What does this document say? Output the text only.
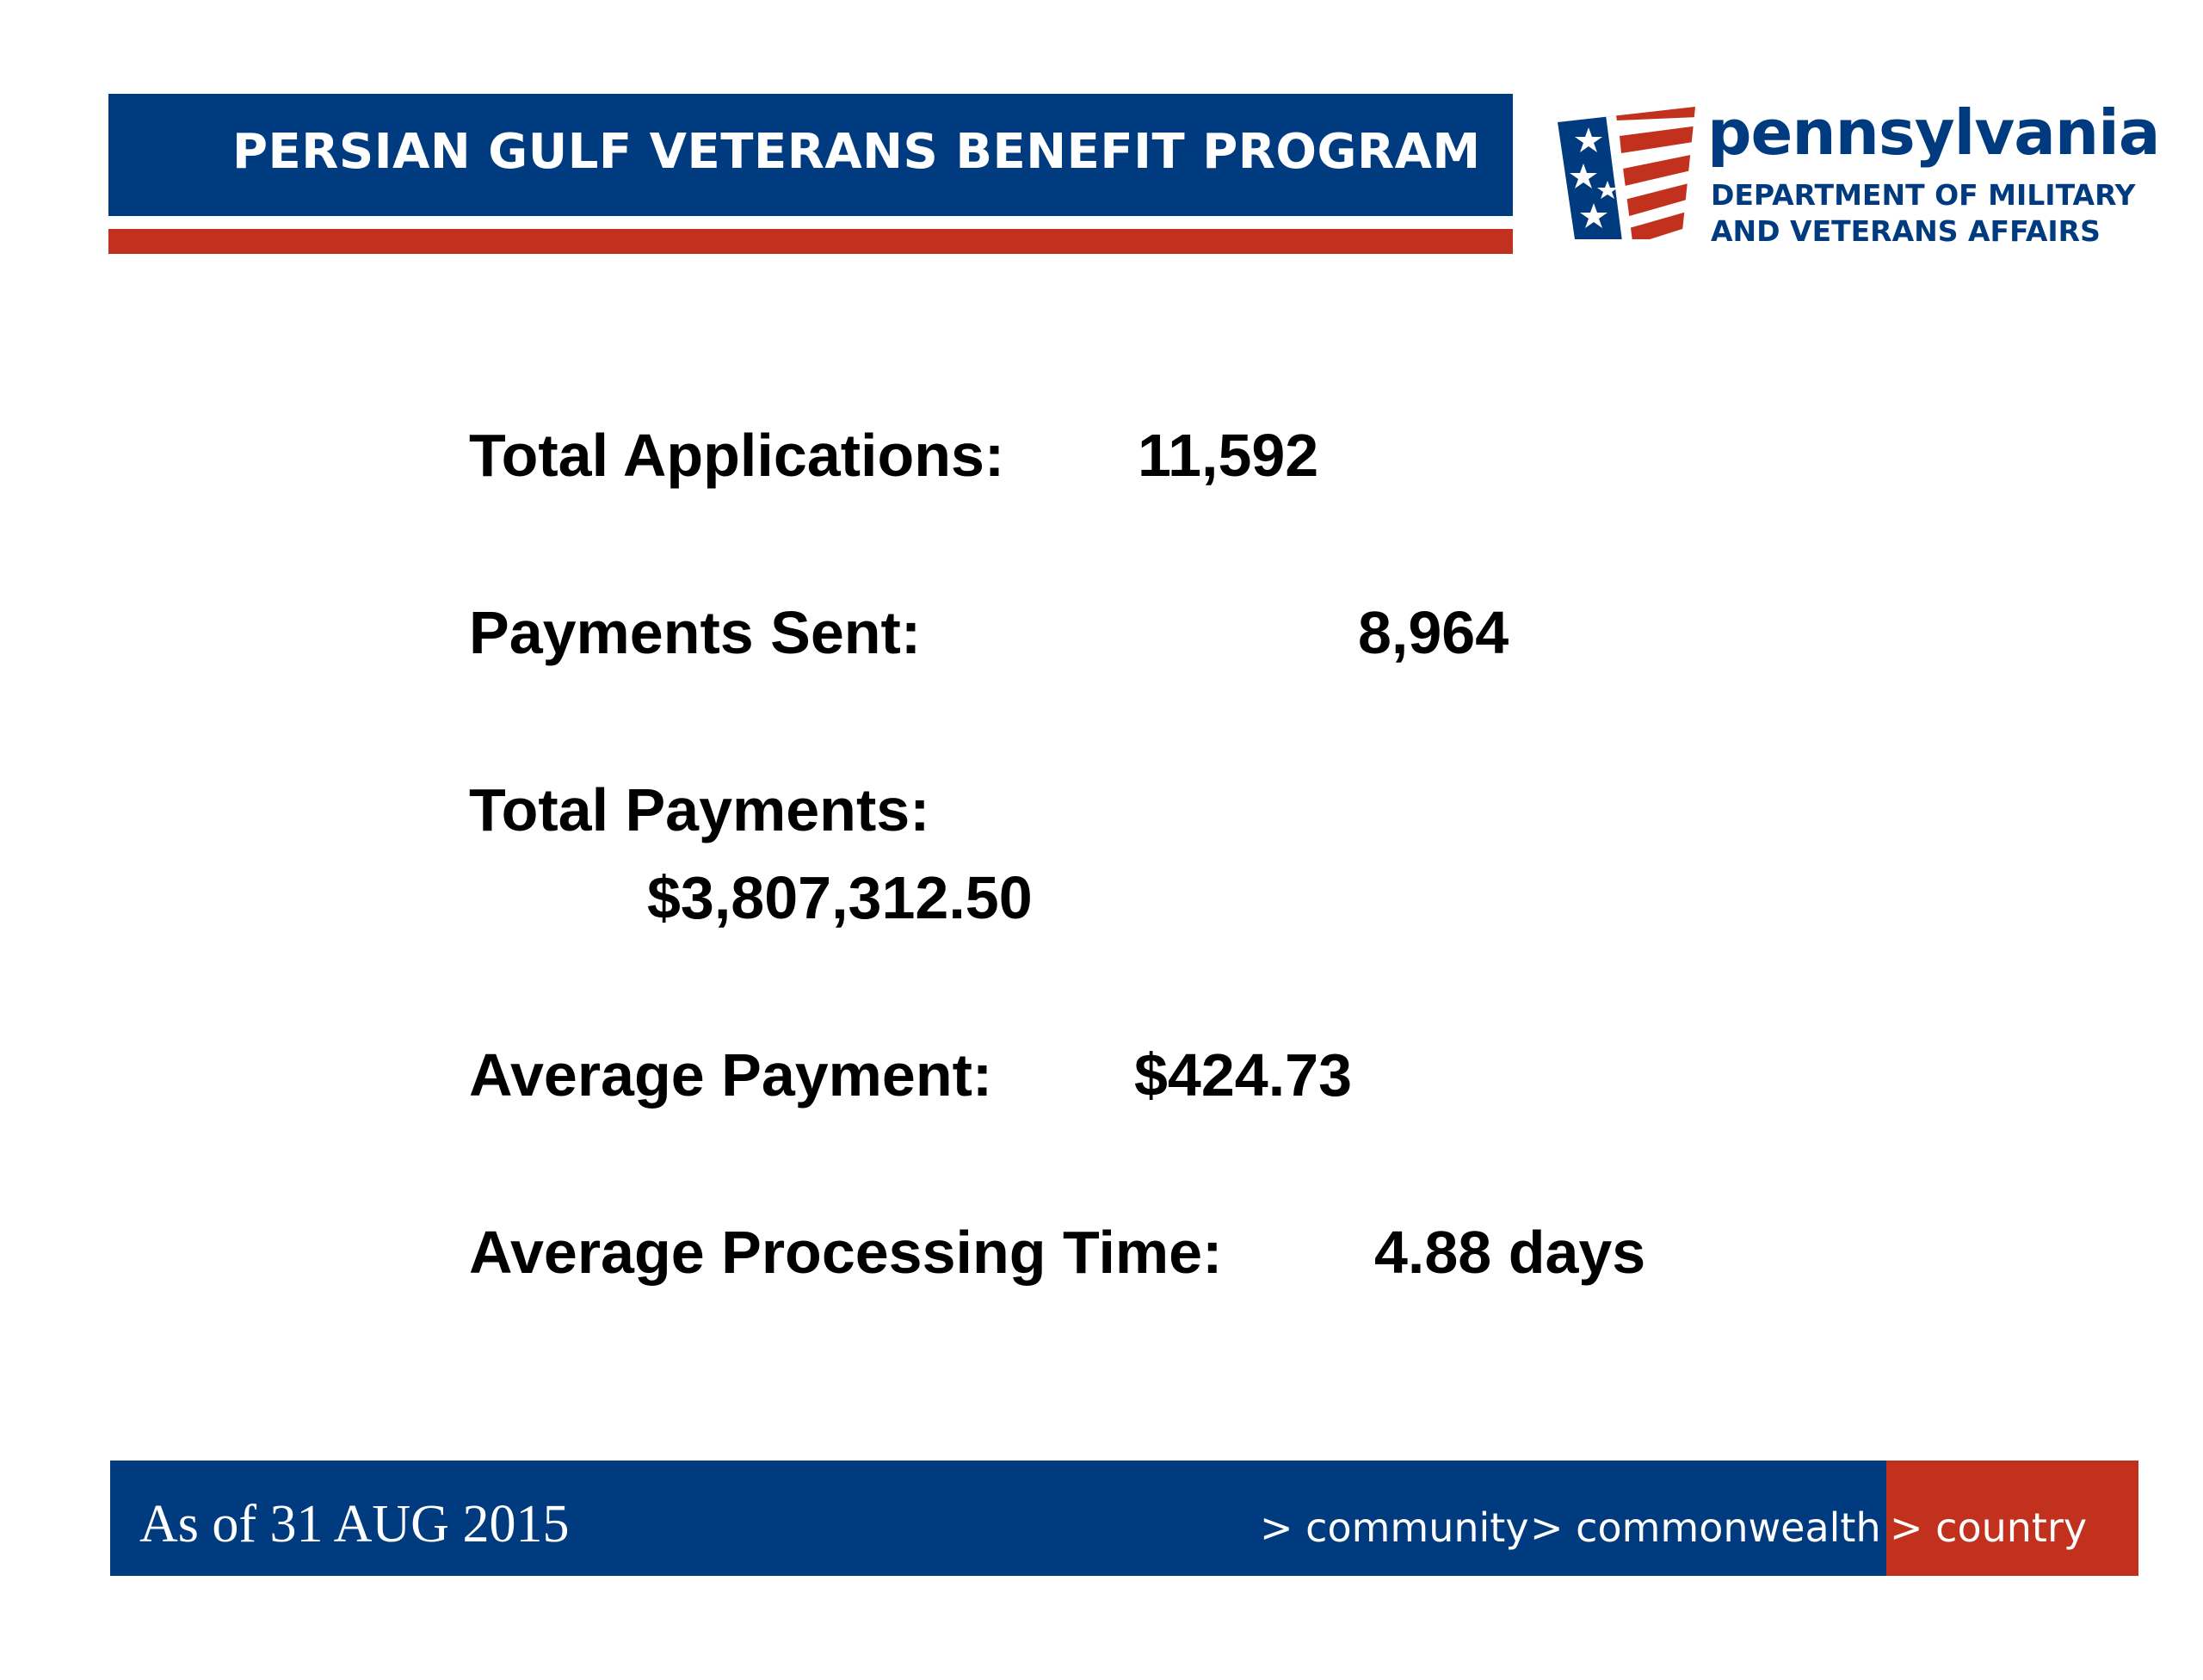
PERSIAN GULF VETERANS BENEFIT PROGRAM	pennsylvania
DEPARTMENT OF MILITARY
AND VETERANS AFFAIRS

Total Applications: 11,592

Payments Sent:	8,964

Total Payments:

$3,807,312.50

Average Payment: $424.73

Average Processing Time:	4.88 days

As of 31 AUG 2015	> community > commonwealth > country
